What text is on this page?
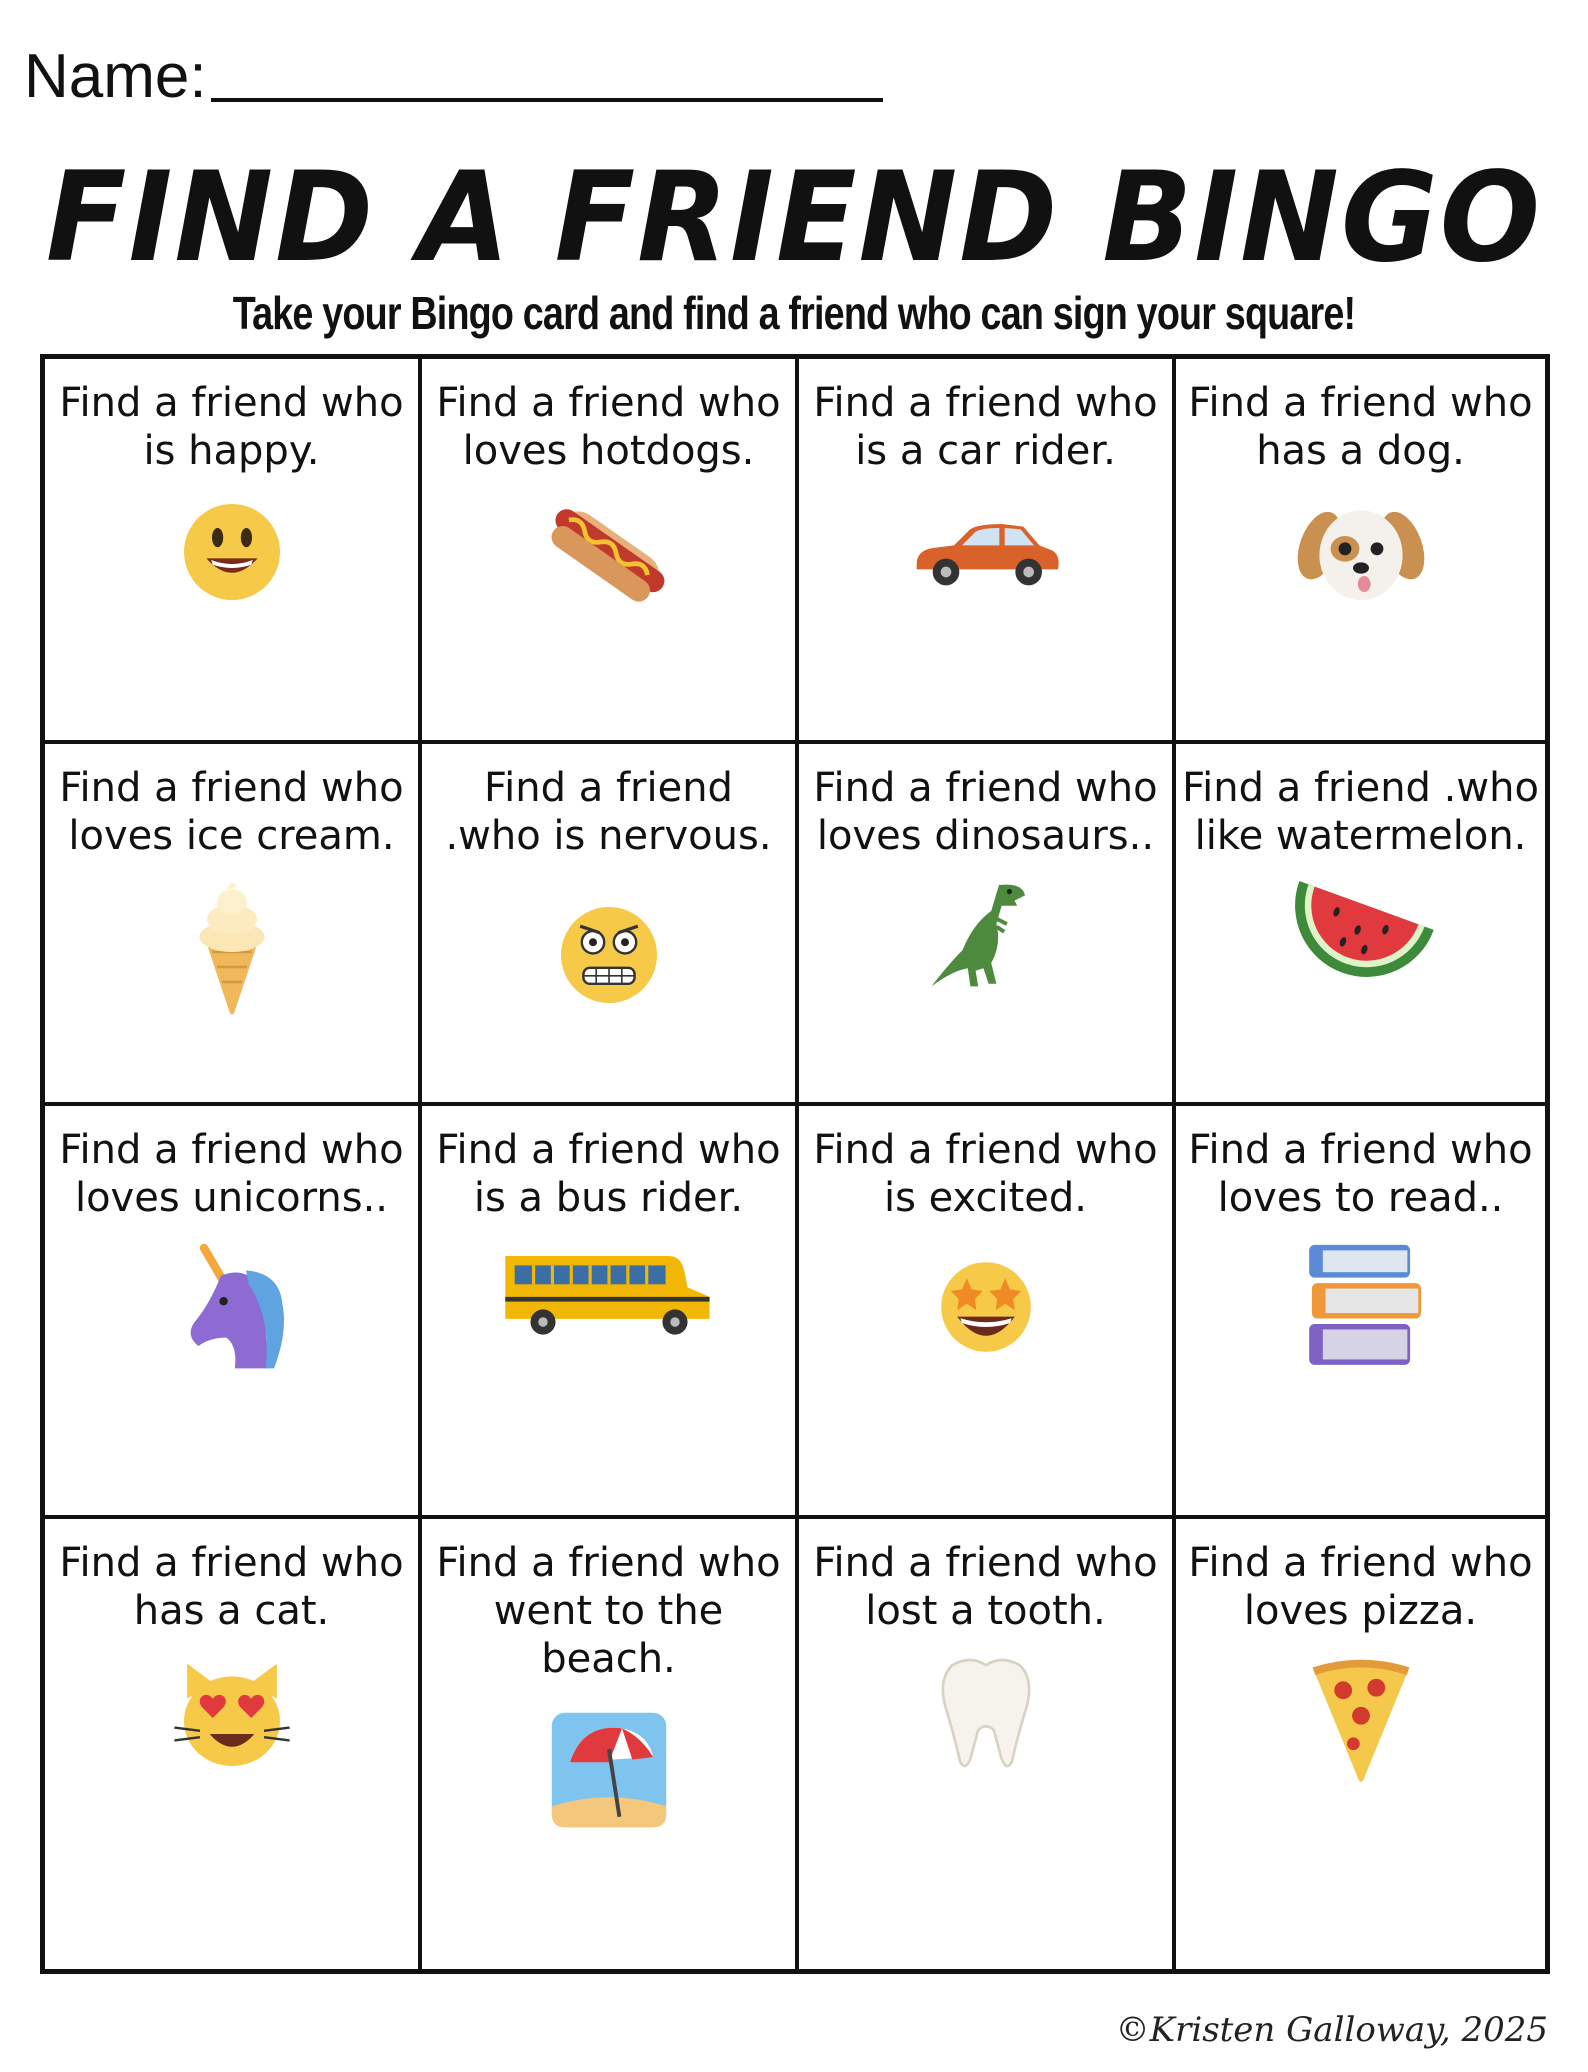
Name:
FIND A FRIEND BINGO
Take your Bingo card and find a friend who can sign your square!
Find a friend who
is happy.
Find a friend who
loves hotdogs.
Find a friend who
is a car rider.
Find a friend who
has a dog.
Find a friend who
loves ice cream.
Find a friend
.who is nervous.
Find a friend who
loves dinosaurs..
Find a friend .who
like watermelon.
Find a friend who
loves unicorns..
Find a friend who
is a bus rider.
Find a friend who
is excited.
Find a friend who
loves to read..
Find a friend who
has a cat.
Find a friend who
went to the beach.
Find a friend who
lost a tooth.
Find a friend who
loves pizza.
©Kristen Galloway, 2025
